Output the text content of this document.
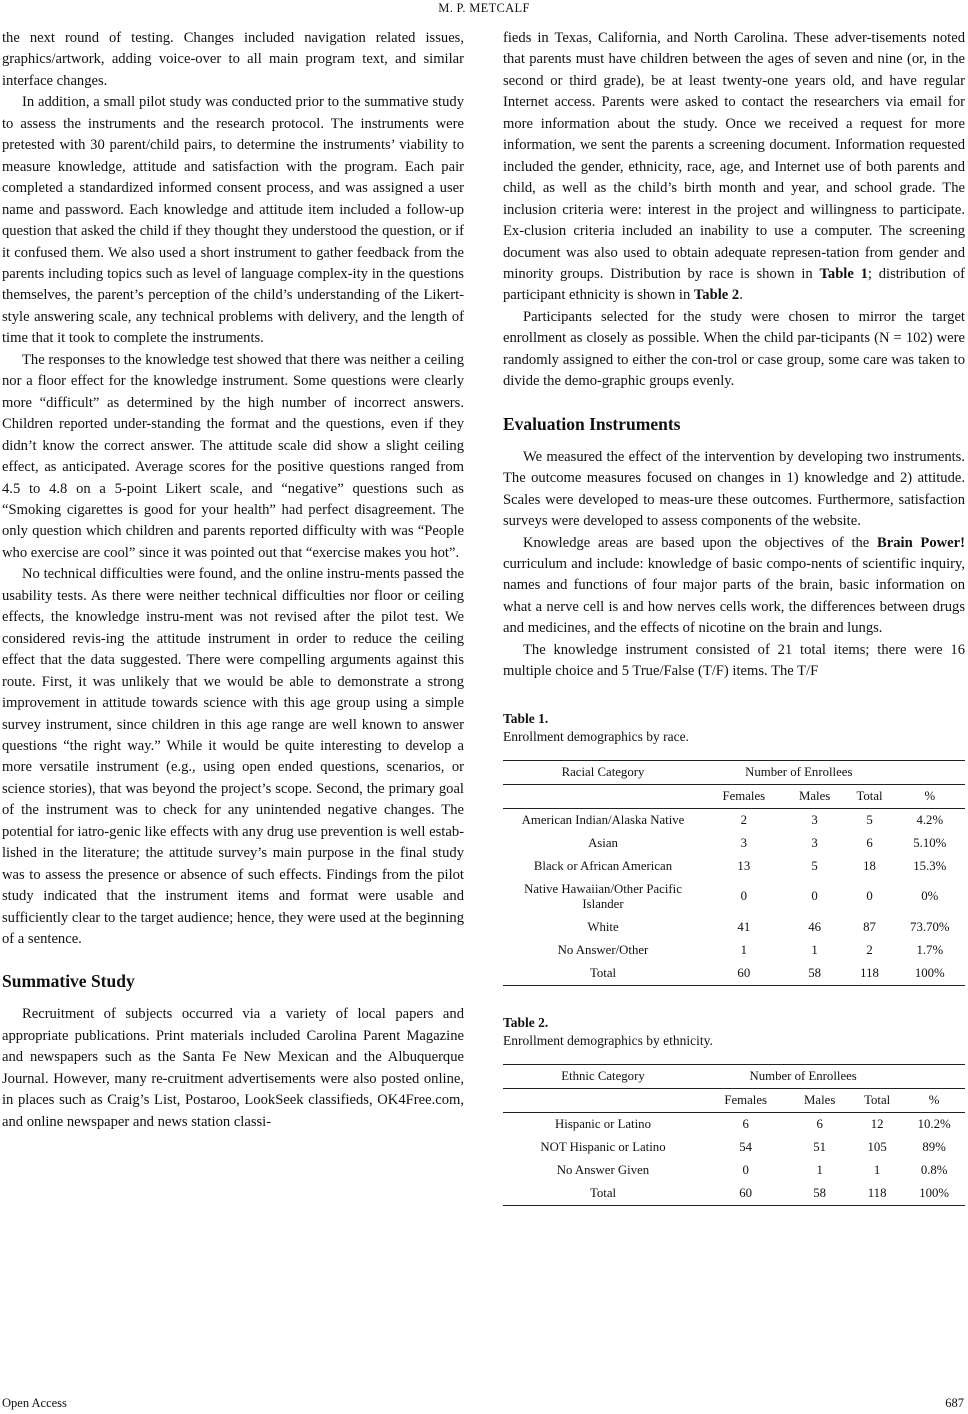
M. P. METCALF

the next round of testing. Changes included navigation related issues, graphics/artwork, adding voice-over to all main program text, and similar interface changes.

In addition, a small pilot study was conducted prior to the summative study to assess the instruments and the research protocol. The instruments were pretested with 30 parent/child pairs, to determine the instruments’ viability to measure knowledge, attitude and satisfaction with the program. Each pair completed a standardized informed consent process, and was assigned a user name and password. Each knowledge and attitude item included a follow-up question that asked the child if they thought they understood the question, or if it confused them. We also used a short instrument to gather feedback from the parents including topics such as level of language complex-ity in the questions themselves, the parent’s perception of the child’s understanding of the Likert-style answering scale, any technical problems with delivery, and the length of time that it took to complete the instruments.

The responses to the knowledge test showed that there was neither a ceiling nor a floor effect for the knowledge instrument. Some questions were clearly more “difficult” as determined by the high number of incorrect answers. Children reported under-standing the format and the questions, even if they didn’t know the correct answer. The attitude scale did show a slight ceiling effect, as anticipated. Average scores for the positive questions ranged from 4.5 to 4.8 on a 5-point Likert scale, and “negative” questions such as “Smoking cigarettes is good for your health” had perfect disagreement. The only question which children and parents reported difficulty with was “People who exercise are cool” since it was pointed out that “exercise makes you hot”.

No technical difficulties were found, and the online instru-ments passed the usability tests. As there were neither technical difficulties nor floor or ceiling effects, the knowledge instru-ment was not revised after the pilot test. We considered revis-ing the attitude instrument in order to reduce the ceiling effect that the data suggested. There were compelling arguments against this route. First, it was unlikely that we would be able to demonstrate a strong improvement in attitude towards science with this age group using a simple survey instrument, since children in this age range are well known to answer questions “the right way.” While it would be quite interesting to develop a more versatile instrument (e.g., using open ended questions, scenarios, or science stories), that was beyond the project’s scope. Second, the primary goal of the instrument was to check for any unintended negative changes. The potential for iatro-genic like effects with any drug use prevention is well estab-lished in the literature; the attitude survey’s main purpose in the final study was to assess the presence or absence of such effects. Findings from the pilot study indicated that the instrument items and format were usable and sufficiently clear to the target audience; hence, they were used at the beginning of a sentence.

Summative Study

Recruitment of subjects occurred via a variety of local papers and appropriate publications. Print materials included Carolina Parent Magazine and newspapers such as the Santa Fe New Mexican and the Albuquerque Journal. However, many re-cruitment advertisements were also posted online, in places such as Craig’s List, Postaroo, LookSeek classifieds, OK4Free.com, and online newspaper and news station classi-

fieds in Texas, California, and North Carolina. These adver-tisements noted that parents must have children between the ages of seven and nine (or, in the second or third grade), be at least twenty-one years old, and have regular Internet access. Parents were asked to contact the researchers via email for more information about the study. Once we received a request for more information, we sent the parents a screening document. Information requested included the gender, ethnicity, race, age, and Internet use of both parents and child, as well as the child’s birth month and year, and school grade. The inclusion criteria were: interest in the project and willingness to participate. Ex-clusion criteria included an inability to use a computer. The screening document was also used to obtain adequate represen-tation from gender and minority groups. Distribution by race is shown in Table 1; distribution of participant ethnicity is shown in Table 2.

Participants selected for the study were chosen to mirror the target enrollment as closely as possible. When the child par-ticipants (N = 102) were randomly assigned to either the con-trol or case group, some care was taken to divide the demo-graphic groups evenly.

Evaluation Instruments

We measured the effect of the intervention by developing two instruments. The outcome measures focused on changes in 1) knowledge and 2) attitude. Scales were developed to meas-ure these outcomes. Furthermore, satisfaction surveys were developed to assess components of the website.

Knowledge areas are based upon the objectives of the Brain Power! curriculum and include: knowledge of basic compo-nents of scientific inquiry, names and functions of four major parts of the brain, basic information on what a nerve cell is and how nerves cells work, the differences between drugs and medicines, and the effects of nicotine on the brain and lungs.

The knowledge instrument consisted of 21 total items; there were 16 multiple choice and 5 True/False (T/F) items. The T/F

Table 1.
Enrollment demographics by race.
Racial Category	Number of Enrollees			
	Females	Males	Total	%
American Indian/Alaska Native	2	3	5	4.2%
Asian	3	3	6	5.10%
Black or African American	13	5	18	15.3%
Native Hawaiian/Other Pacific Islander	0	0	0	0%
White	41	46	87	73.70%
No Answer/Other	1	1	2	1.7%
Total	60	58	118	100%
Table 2.
Enrollment demographics by ethnicity.
Ethnic Category	Number of Enrollees			
	Females	Males	Total	%
Hispanic or Latino	6	6	12	10.2%
NOT Hispanic or Latino	54	51	105	89%
No Answer Given	0	1	1	0.8%
Total	60	58	118	100%
Open Access	687
